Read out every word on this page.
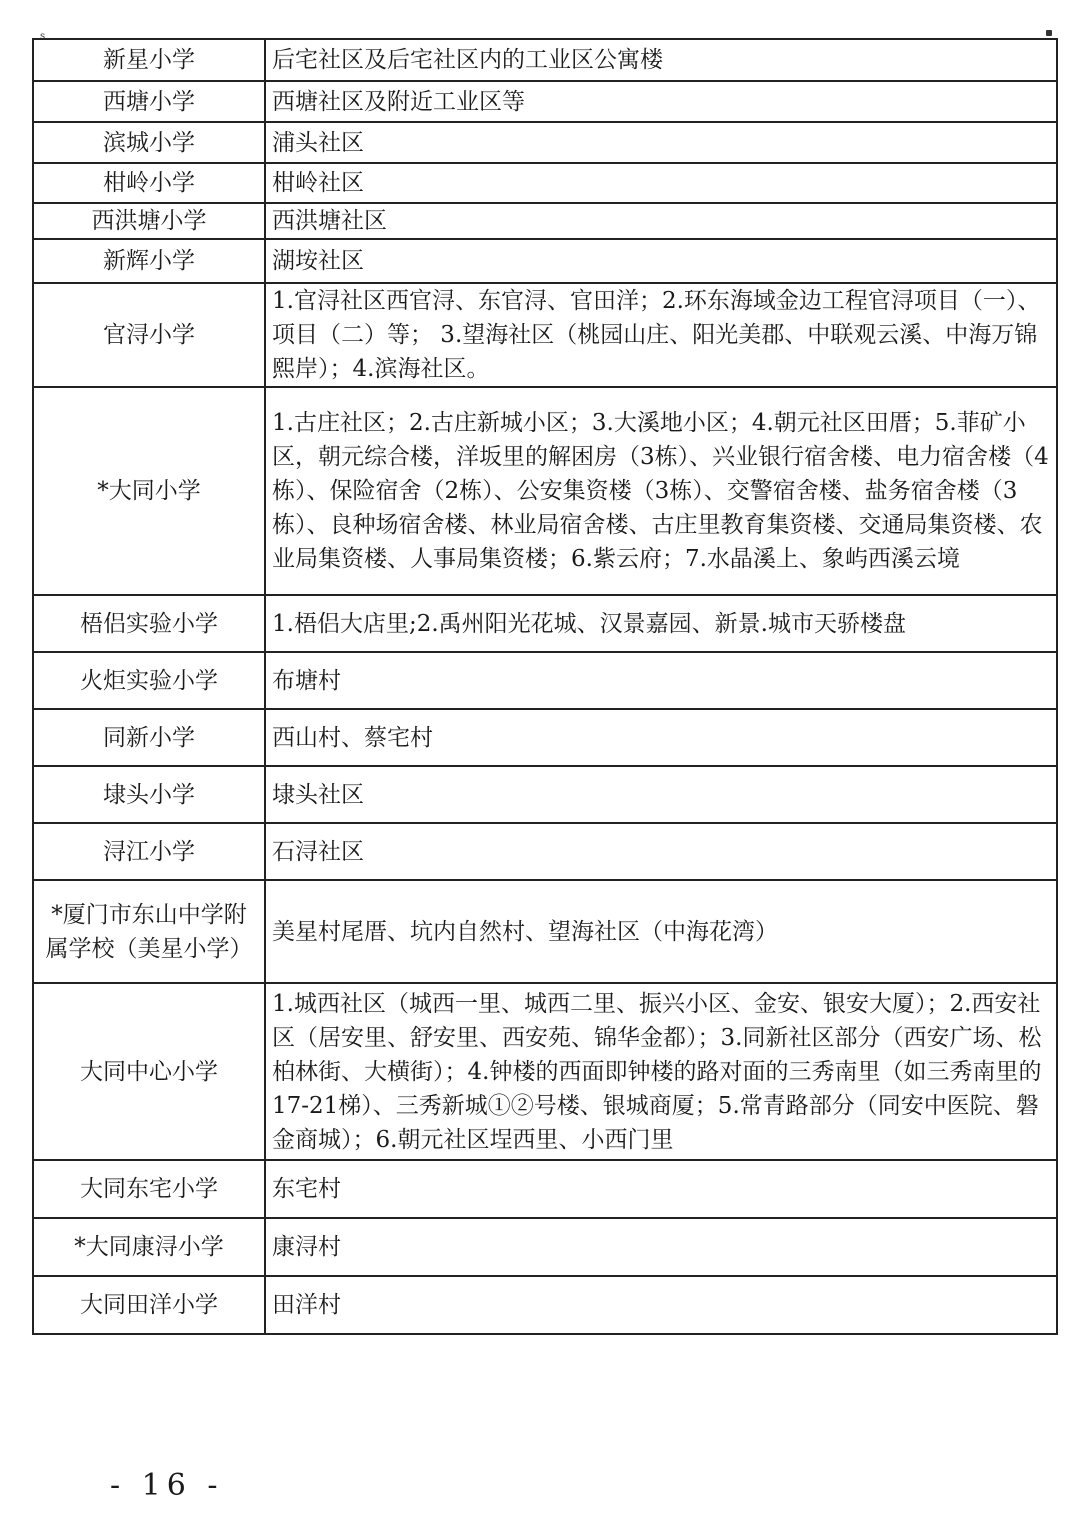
s
新星小学	后宅社区及后宅社区内的工业区公寓楼
西塘小学	西塘社区及附近工业区等
滨城小学	浦头社区
柑岭小学	柑岭社区
西洪塘小学	西洪塘社区
新辉小学	湖垵社区
官浔小学	1.官浔社区西官浔、东官浔、官田洋；2.环东海域金边工程官浔项目（一）、项目（二）等； 3.望海社区（桃园山庄、阳光美郡、中联观云溪、中海万锦熙岸）；4.滨海社区。
*大同小学	1.古庄社区；2.古庄新城小区；3.大溪地小区；4.朝元社区田厝；5.菲矿小区，朝元综合楼，洋坂里的解困房（3栋）、兴业银行宿舍楼、电力宿舍楼（4栋）、保险宿舍（2栋）、公安集资楼（3栋）、交警宿舍楼、盐务宿舍楼（3栋）、良种场宿舍楼、林业局宿舍楼、古庄里教育集资楼、交通局集资楼、农业局集资楼、人事局集资楼；6.紫云府；7.水晶溪上、象屿西溪云境
梧侣实验小学	1.梧侣大店里;2.禹州阳光花城、汉景嘉园、新景.城市天骄楼盘
火炬实验小学	布塘村
同新小学	西山村、蔡宅村
埭头小学	埭头社区
浔江小学	石浔社区
*厦门市东山中学附属学校（美星小学）	美星村尾厝、坑内自然村、望海社区（中海花湾）
大同中心小学	1.城西社区（城西一里、城西二里、振兴小区、金安、银安大厦）；2.西安社区（居安里、舒安里、西安苑、锦华金都）；3.同新社区部分（西安广场、松柏林街、大横街）；4.钟楼的西面即钟楼的路对面的三秀南里（如三秀南里的17-21梯）、三秀新城①②号楼、银城商厦；5.常青路部分（同安中医院、磐金商城）；6.朝元社区埕西里、小西门里
大同东宅小学	东宅村
*大同康浔小学	康浔村
大同田洋小学	田洋村
- 16 -
